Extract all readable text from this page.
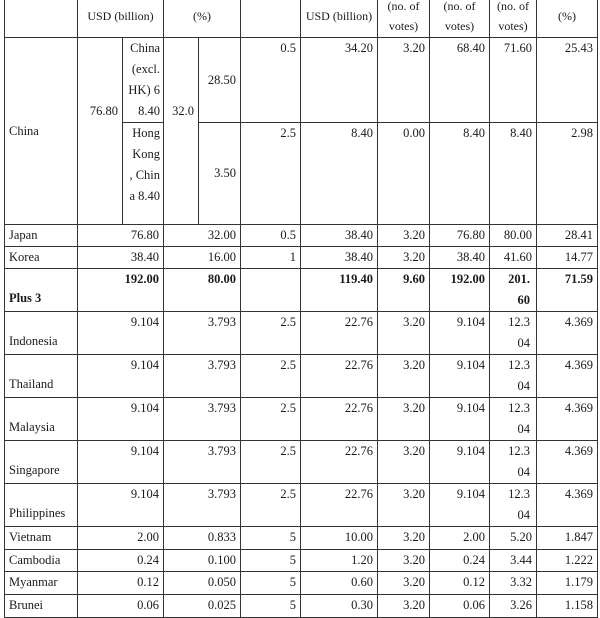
	USD (billion)		(%)			USD (billion)	(no. of votes)	(no. of votes)	(no. of votes)	(%)
China	76.80	China (excl. HK) 68.40	32.0	28.50	0.5	34.20	3.20	68.40	71.60	25.43
		Hong Kong , China 8.40		3.50	2.5	8.40	0.00	8.40	8.40	2.98
Japan	76.80		32.00		0.5	38.40	3.20	76.80	80.00	28.41
Korea	38.40		16.00		1	38.40	3.20	38.40	41.60	14.77
Plus 3	192.00		80.00			119.40	9.60	192.00	201.60	71.59
Indonesia	9.104		3.793		2.5	22.76	3.20	9.104	12.304	4.369
Thailand	9.104		3.793		2.5	22.76	3.20	9.104	12.304	4.369
Malaysia	9.104		3.793		2.5	22.76	3.20	9.104	12.304	4.369
Singapore	9.104		3.793		2.5	22.76	3.20	9.104	12.304	4.369
Philippines	9.104		3.793		2.5	22.76	3.20	9.104	12.304	4.369
Vietnam	2.00		0.833		5	10.00	3.20	2.00	5.20	1.847
Cambodia	0.24		0.100		5	1.20	3.20	0.24	3.44	1.222
Myanmar	0.12		0.050		5	0.60	3.20	0.12	3.32	1.179
Brunei	0.06		0.025		5	0.30	3.20	0.06	3.26	1.158
